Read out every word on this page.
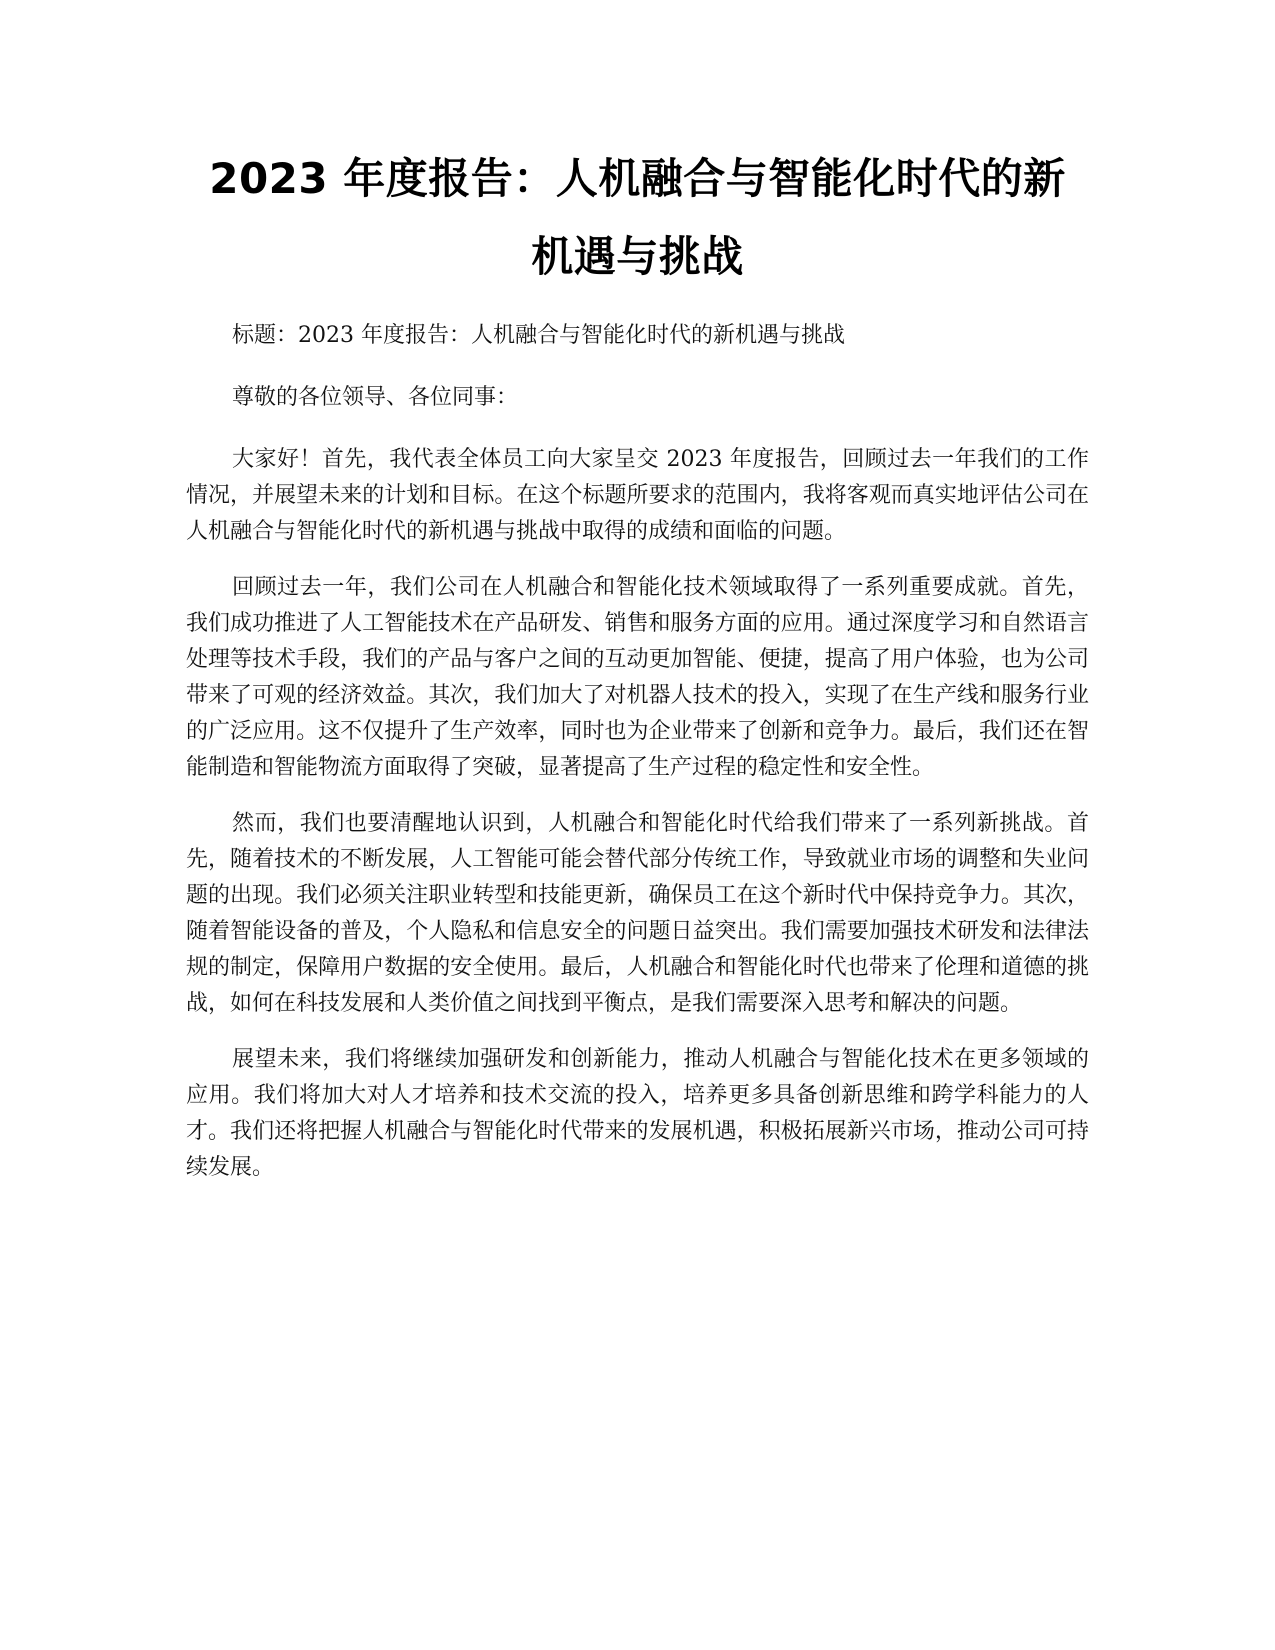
2023 年度报告：人机融合与智能化时代的新
机遇与挑战

标题：2023 年度报告：人机融合与智能化时代的新机遇与挑战

尊敬的各位领导、各位同事：

大家好！首先，我代表全体员工向大家呈交 2023 年度报告，回顾过去一年我们的工作情况，并展望未来的计划和目标。在这个标题所要求的范围内，我将客观而真实地评估公司在人机融合与智能化时代的新机遇与挑战中取得的成绩和面临的问题。

回顾过去一年，我们公司在人机融合和智能化技术领域取得了一系列重要成就。首先，我们成功推进了人工智能技术在产品研发、销售和服务方面的应用。通过深度学习和自然语言处理等技术手段，我们的产品与客户之间的互动更加智能、便捷，提高了用户体验，也为公司带来了可观的经济效益。其次，我们加大了对机器人技术的投入，实现了在生产线和服务行业的广泛应用。这不仅提升了生产效率，同时也为企业带来了创新和竞争力。最后，我们还在智能制造和智能物流方面取得了突破，显著提高了生产过程的稳定性和安全性。

然而，我们也要清醒地认识到，人机融合和智能化时代给我们带来了一系列新挑战。首先，随着技术的不断发展，人工智能可能会替代部分传统工作，导致就业市场的调整和失业问题的出现。我们必须关注职业转型和技能更新，确保员工在这个新时代中保持竞争力。其次，随着智能设备的普及，个人隐私和信息安全的问题日益突出。我们需要加强技术研发和法律法规的制定，保障用户数据的安全使用。最后，人机融合和智能化时代也带来了伦理和道德的挑战，如何在科技发展和人类价值之间找到平衡点，是我们需要深入思考和解决的问题。

展望未来，我们将继续加强研发和创新能力，推动人机融合与智能化技术在更多领域的应用。我们将加大对人才培养和技术交流的投入，培养更多具备创新思维和跨学科能力的人才。我们还将把握人机融合与智能化时代带来的发展机遇，积极拓展新兴市场，推动公司可持续发展。
